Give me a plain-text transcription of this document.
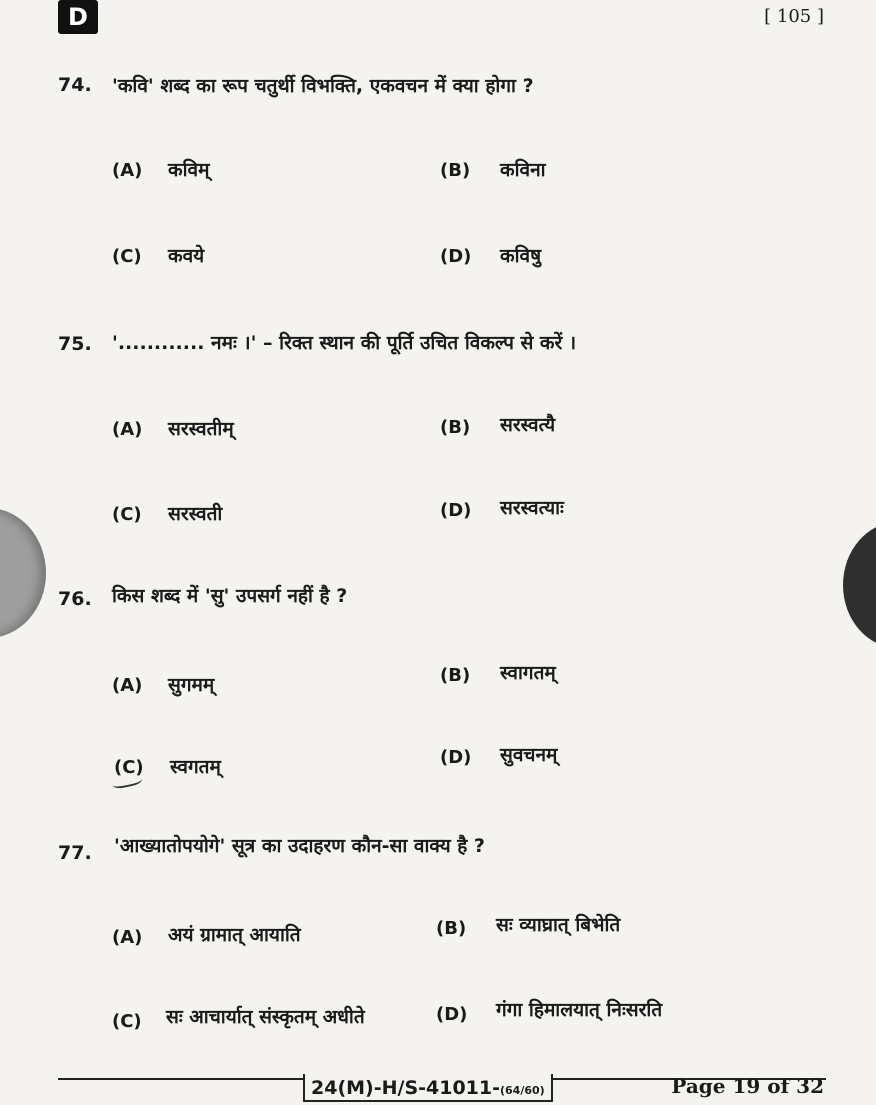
D	[ 105 ]
74. 'कवि' शब्द का रूप चतुर्थी विभक्ति, एकवचन में क्या होगा ?
(A) कविम्	(B) कविना
(C) कवये	(D) कविषु
75. '............ नमः ।' – रिक्त स्थान की पूर्ति उचित विकल्प से करें ।
(A) सरस्वतीम्	(B) सरस्वत्यै
(C) सरस्वती	(D) सरस्वत्याः
76. किस शब्द में 'सु' उपसर्ग नहीं है ?
(A) सुगमम्	(B) स्वागतम्
(C) स्वगतम्	(D) सुवचनम्
77. 'आख्यातोपयोगे' सूत्र का उदाहरण कौन-सा वाक्य है ?
(A) अयं ग्रामात् आयाति	(B) सः व्याघ्रात् बिभेति
(C) सः आचार्यात् संस्कृतम् अधीते	(D) गंगा हिमालयात् निःसरति
24(M)-H/S-41011-(64/60)	Page 19 of 32
